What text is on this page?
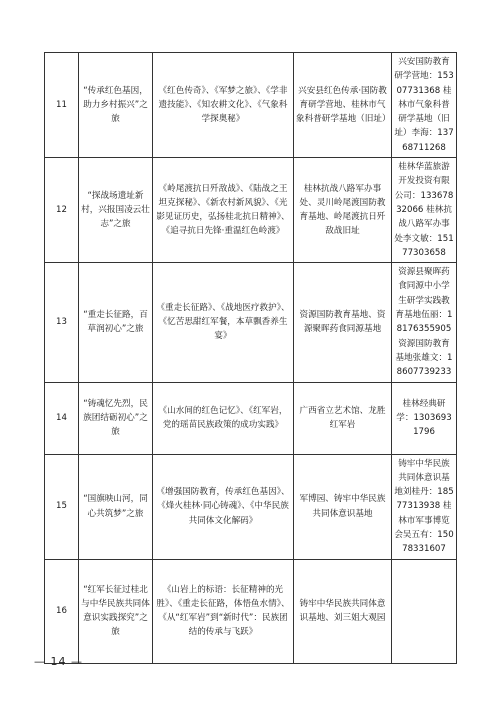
11	“传承红色基因，助力乡村振兴”之旅	《红色传奇》、《军梦之旅》、《学非遗技能》、《知农耕文化》、《气象科学探奥秘》	兴安县红色传承·国防教育研学营地、桂林市气象科普研学基地（旧址）	兴安国防教育研学营地：15307731368 桂林市气象科普研学基地（旧址）李海：13768711268
12	“探战场遗址新村，兴报国凌云壮志”之旅	《岭尾渡抗日歼敌战》、《陆战之王坦克探秘》、《新农村新风貌》、《光影见证历史，弘扬桂北抗日精神》、《追寻抗日先锋·重温红色岭渡》	桂林抗战八路军办事处、灵川岭尾渡国防教育基地、岭尾渡抗日歼敌战旧址	桂林华蓝旅游开发投资有限公司：13367832066 桂林抗战八路军办事处李文敏：15177303658
13	“重走长征路，百草润初心”之旅	《重走长征路》、《战地医疗救护》、《忆苦思甜红军餐，本草飘香养生宴》	资源国防教育基地、资源聚晖药食同源基地	资源县聚晖药食同源中小学生研学实践教育基地伍丽：18176355905 资源国防教育基地张雄文：18607739233
14	“铸魂忆先烈，民族团结砺初心”之旅	《山水间的红色记忆》、《红军岩，党的瑶苗民族政策的成功实践》	广西省立艺术馆、龙胜红军岩	桂林经典研学：13036931796
15	“国旗映山河，同心共筑梦”之旅	《增强国防教育，传承红色基因》、《烽火桂林·同心铸魂》、《中华民族共同体文化解码》	军博园、铸牢中华民族共同体意识基地	铸牢中华民族共同体意识基地刘桂丹：18577313938 桂林市军事博览会吴五有：15078331607
16	“红军长征过桂北与中华民族共同体意识实践探究”之旅	《山岩上的标语：长征精神的光胜》、《重走长征路，体悟鱼水情》、《从“红军岩”到“新时代”：民族团结的传承与飞跃》	铸牢中华民族共同体意识基地、刘三姐大观园	
— 14 —
